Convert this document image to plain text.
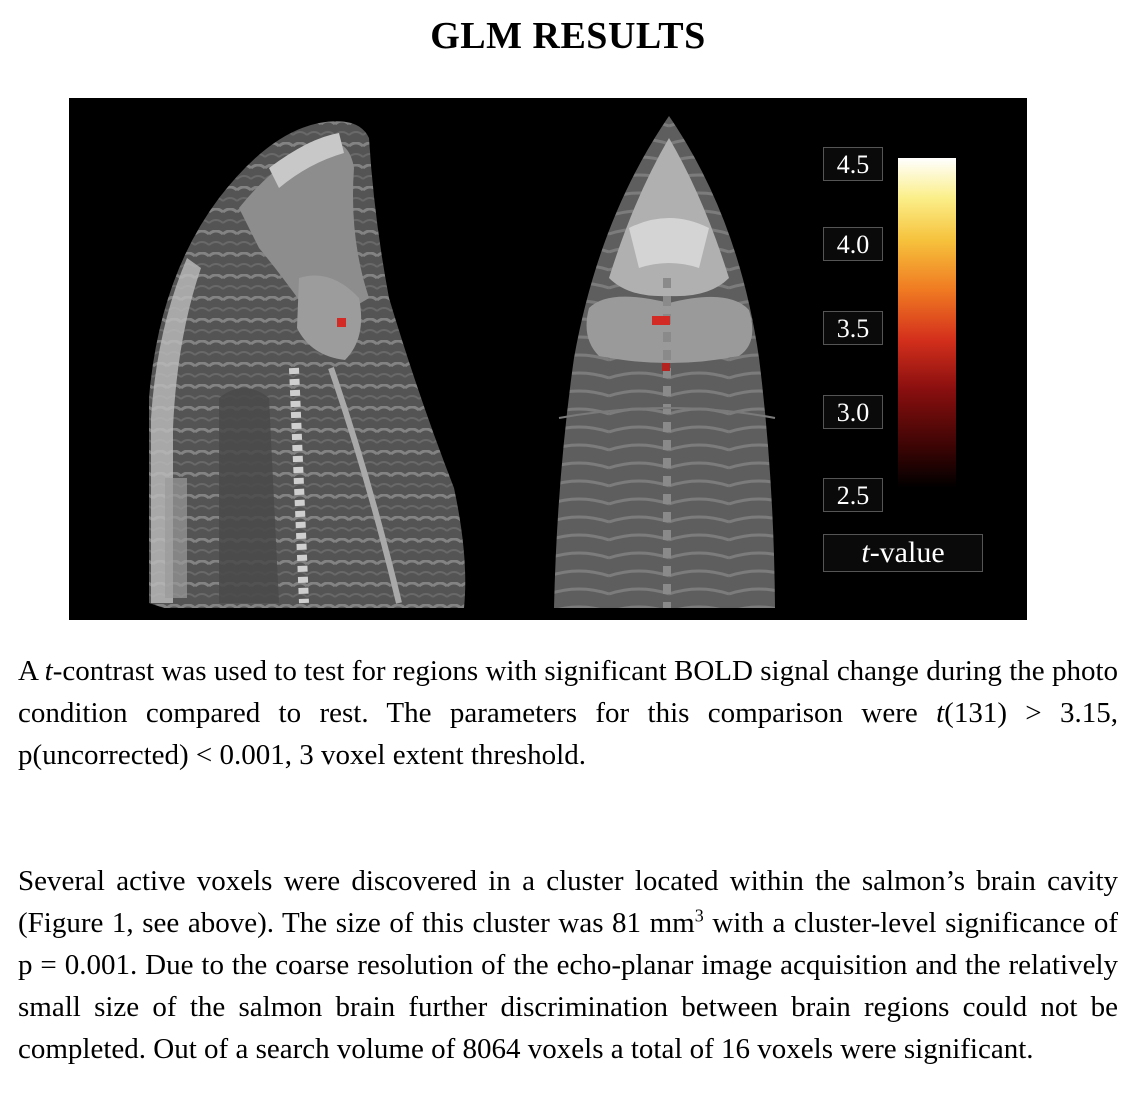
GLM RESULTS
4.5
4.0
3.5
3.0
2.5
t-value

A t-contrast was used to test for regions with significant BOLD signal change during the photo condition compared to rest. The parameters for this comparison were t(131) > 3.15, p(uncorrected) < 0.001, 3 voxel extent threshold.

Several active voxels were discovered in a cluster located within the salmon’s brain cavity (Figure 1, see above). The size of this cluster was 81 $mm^3$ with a cluster-level significance of p = 0.001. Due to the coarse resolution of the echo-planar image acquisition and the relatively small size of the salmon brain further discrimination between brain regions could not be completed. Out of a search volume of 8064 voxels a total of 16 voxels were significant.
